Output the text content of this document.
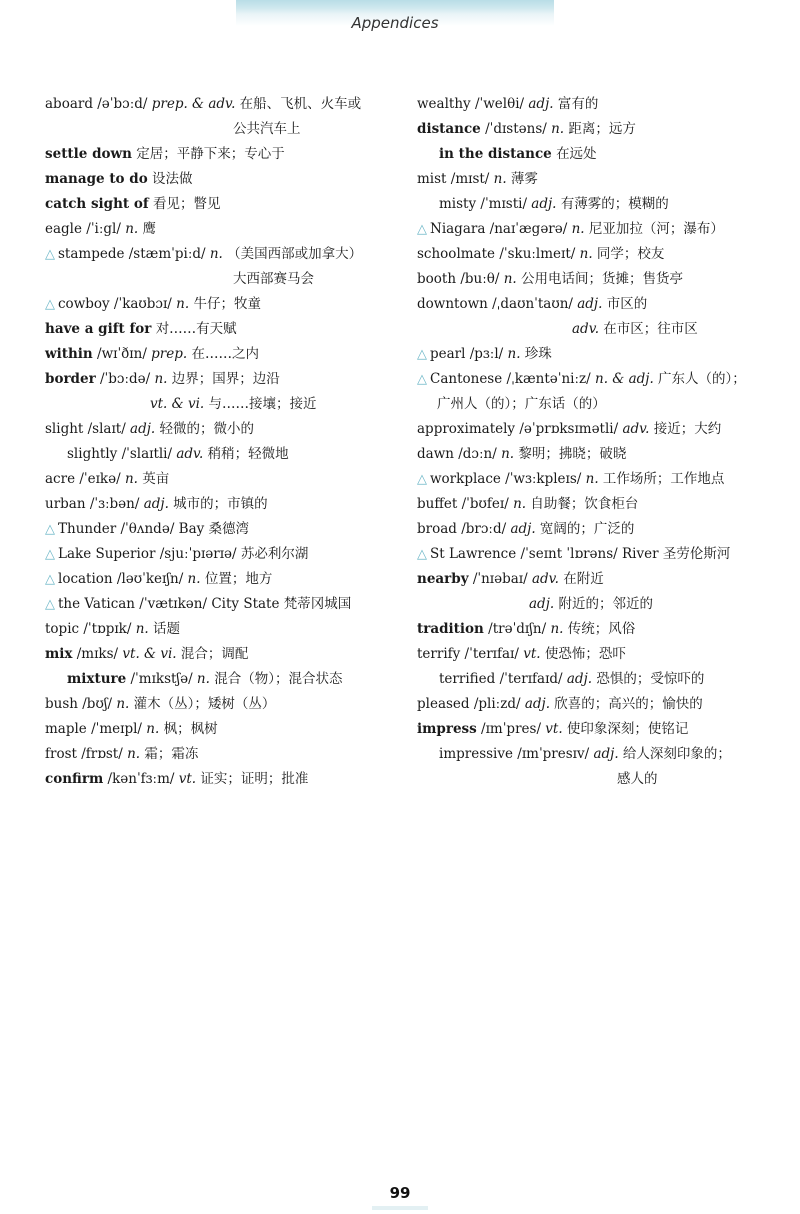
Appendices
aboard /əˈbɔːd/ prep. & adv. 在船、飞机、火车或
公共汽车上
settle down 定居；平静下来；专心于
manage to do 设法做
catch sight of 看见；瞥见
eagle /ˈiːgl/ n. 鹰
△ stampede /stæmˈpiːd/ n. （美国西部或加拿大）
大西部赛马会
△ cowboy /ˈkaʊbɔɪ/ n. 牛仔；牧童
have a gift for 对……有天赋
within /wɪˈðɪn/ prep. 在……之内
border /ˈbɔːdə/ n. 边界；国界；边沿
vt. & vi. 与……接壤；接近
slight /slaɪt/ adj. 轻微的；微小的
slightly /ˈslaɪtli/ adv. 稍稍；轻微地
acre /ˈeɪkə/ n. 英亩
urban /ˈɜːbən/ adj. 城市的；市镇的
△ Thunder /ˈθʌndə/ Bay 桑德湾
△ Lake Superior /sjuːˈpɪərɪə/ 苏必利尔湖
△ location /ləʊˈkeɪʃn/ n. 位置；地方
△ the Vatican /ˈvætɪkən/ City State 梵蒂冈城国
topic /ˈtɒpɪk/ n. 话题
mix /mɪks/ vt. & vi. 混合；调配
mixture /ˈmɪkstʃə/ n. 混合（物）；混合状态
bush /bʊʃ/ n. 灌木（丛）；矮树（丛）
maple /ˈmeɪpl/ n. 枫；枫树
frost /frɒst/ n. 霜；霜冻
confirm /kənˈfɜːm/ vt. 证实；证明；批准
wealthy /ˈwelθi/ adj. 富有的
distance /ˈdɪstəns/ n. 距离；远方
in the distance 在远处
mist /mɪst/ n. 薄雾
misty /ˈmɪsti/ adj. 有薄雾的；模糊的
△ Niagara /naɪˈægərə/ n. 尼亚加拉（河；瀑布）
schoolmate /ˈskuːlmeɪt/ n. 同学；校友
booth /buːθ/ n. 公用电话间；货摊；售货亭
downtown /ˌdaʊnˈtaʊn/ adj. 市区的
adv. 在市区；往市区
△ pearl /pɜːl/ n. 珍珠
△ Cantonese /ˌkæntəˈniːz/ n. & adj. 广东人（的）；
广州人（的）；广东话（的）
approximately /əˈprɒksɪmətli/ adv. 接近；大约
dawn /dɔːn/ n. 黎明；拂晓；破晓
△ workplace /ˈwɜːkpleɪs/ n. 工作场所；工作地点
buffet /ˈbʊfeɪ/ n. 自助餐；饮食柜台
broad /brɔːd/ adj. 宽阔的；广泛的
△ St Lawrence /ˈseɪnt ˈlɒrəns/ River 圣劳伦斯河
nearby /ˈnɪəbaɪ/ adv. 在附近
adj. 附近的；邻近的
tradition /trəˈdɪʃn/ n. 传统；风俗
terrify /ˈterɪfaɪ/ vt. 使恐怖；恐吓
terrified /ˈterɪfaɪd/ adj. 恐惧的；受惊吓的
pleased /pliːzd/ adj. 欣喜的；高兴的；愉快的
impress /ɪmˈpres/ vt. 使印象深刻；使铭记
impressive /ɪmˈpresɪv/ adj. 给人深刻印象的；
感人的
99
